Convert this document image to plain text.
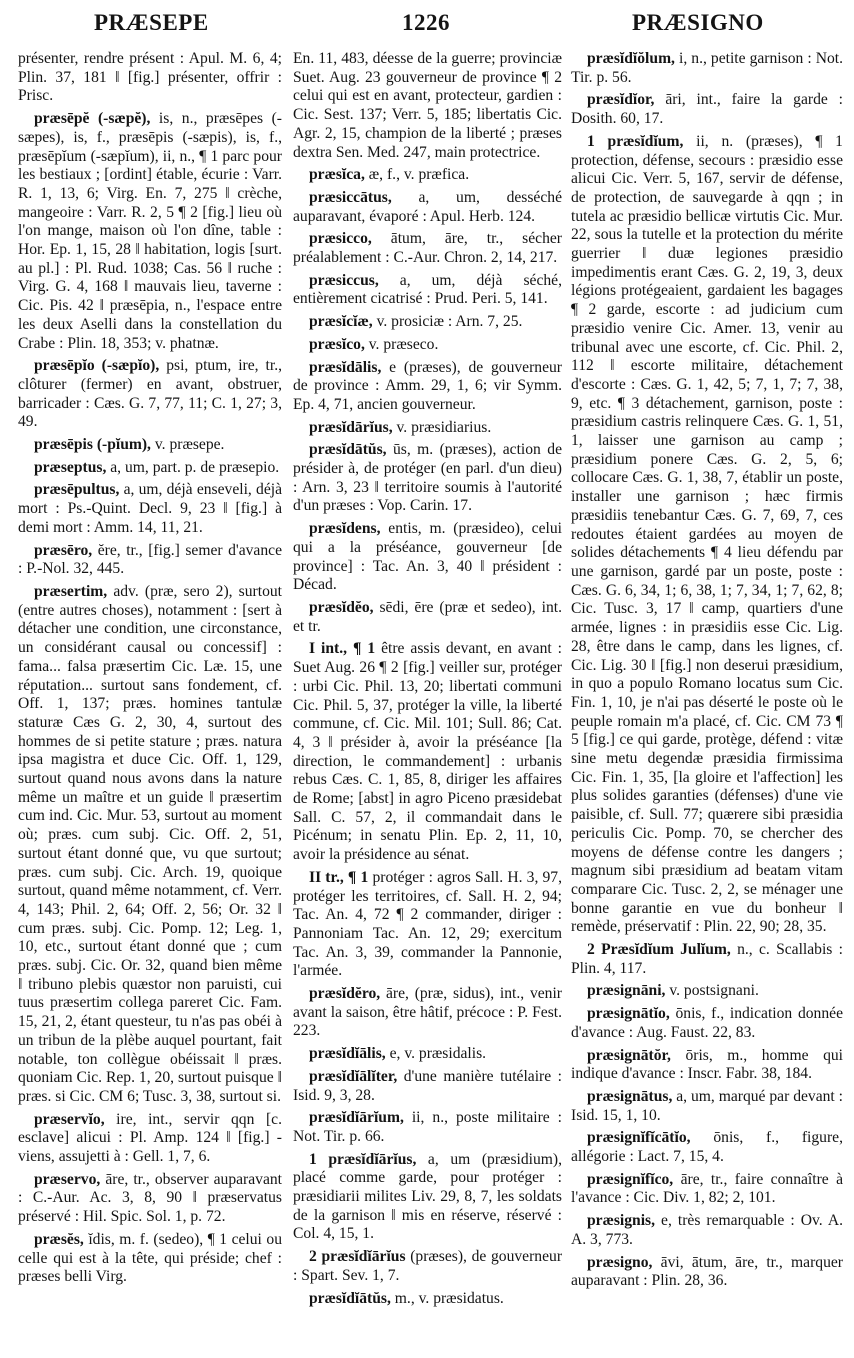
PRÆSEPE	1226	PRÆSIGNO

présenter, rendre présent : Apul. M. 6, 4; Plin. 37, 181 ‖ [fig.] présenter, offrir : Prisc.

præsēpĕ (-sæpĕ), is, n., præsēpes (-sæpes), is, f., præsēpis (-sæpis), is, f., præsēpĭum (-sæpĭum), ii, n., ¶ 1 parc pour les bestiaux ; [ordint] étable, écurie : Varr. R. 1, 13, 6; Virg. En. 7, 275 ‖ crèche, mangeoire : Varr. R. 2, 5 ¶ 2 [fig.] lieu où l'on mange, maison où l'on dîne, table : Hor. Ep. 1, 15, 28 ‖ habitation, logis [surt. au pl.] : Pl. Rud. 1038; Cas. 56 ‖ ruche : Virg. G. 4, 168 ‖ mauvais lieu, taverne : Cic. Pis. 42 ‖ præsēpia, n., l'espace entre les deux Aselli dans la constellation du Crabe : Plin. 18, 353; v. phatnæ.

præsēpĭo (-sæpĭo), psi, ptum, ire, tr., clôturer (fermer) en avant, obstruer, barricader : Cæs. G. 7, 77, 11; C. 1, 27; 3, 49.

præsēpis (-pĭum), v. præsepe.

præseptus, a, um, part. p. de præsepio.

præsēpultus, a, um, déjà enseveli, déjà mort : Ps.-Quint. Decl. 9, 23 ‖ [fig.] à demi mort : Amm. 14, 11, 21.

præsēro, ĕre, tr., [fig.] semer d'avance : P.-Nol. 32, 445.

præsertim, adv. (præ, sero 2), surtout (entre autres choses), notamment : [sert à détacher une condition, une circonstance, un considérant causal ou concessif] : fama... falsa præsertim Cic. Læ. 15, une réputation... surtout sans fondement, cf. Off. 1, 137; præs. homines tantulæ staturæ Cæs G. 2, 30, 4, surtout des hommes de si petite stature ; præs. natura ipsa magistra et duce Cic. Off. 1, 129, surtout quand nous avons dans la nature même un maître et un guide ‖ præsertim cum ind. Cic. Mur. 53, surtout au moment où; præs. cum subj. Cic. Off. 2, 51, surtout étant donné que, vu que surtout; præs. cum subj. Cic. Arch. 19, quoique surtout, quand même notamment, cf. Verr. 4, 143; Phil. 2, 64; Off. 2, 56; Or. 32 ‖ cum præs. subj. Cic. Pomp. 12; Leg. 1, 10, etc., surtout étant donné que ; cum præs. subj. Cic. Or. 32, quand bien même ‖ tribuno plebis quæstor non paruisti, cui tuus præsertim collega pareret Cic. Fam. 15, 21, 2, étant questeur, tu n'as pas obéi à un tribun de la plèbe auquel pourtant, fait notable, ton collègue obéissait ‖ præs. quoniam Cic. Rep. 1, 20, surtout puisque ‖ præs. si Cic. CM 6; Tusc. 3, 38, surtout si.

præservĭo, ire, int., servir qqn [c. esclave] alicui : Pl. Amp. 124 ‖ [fig.] -viens, assujetti à : Gell. 1, 7, 6.

præservo, āre, tr., observer auparavant : C.-Aur. Ac. 3, 8, 90 ‖ præservatus préservé : Hil. Spic. Sol. 1, p. 72.

præsĕs, ĭdis, m. f. (sedeo), ¶ 1 celui ou celle qui est à la tête, qui préside; chef : præses belli Virg.

En. 11, 483, déesse de la guerre; provinciæ Suet. Aug. 23 gouverneur de province ¶ 2 celui qui est en avant, protecteur, gardien : Cic. Sest. 137; Verr. 5, 185; libertatis Cic. Agr. 2, 15, champion de la liberté ; præses dextra Sen. Med. 247, main protectrice.

præsĭca, æ, f., v. præfica.

præsiccātus, a, um, desséché auparavant, évaporé : Apul. Herb. 124.

præsicco, ātum, āre, tr., sécher préalablement : C.-Aur. Chron. 2, 14, 217.

præsiccus, a, um, déjà séché, entièrement cicatrisé : Prud. Peri. 5, 141.

præsĭcĭæ, v. prosiciæ : Arn. 7, 25.

præsĭco, v. præseco.

præsĭdālis, e (præses), de gouverneur de province : Amm. 29, 1, 6; vir Symm. Ep. 4, 71, ancien gouverneur.

præsĭdārĭus, v. præsidiarius.

præsĭdātŭs, ūs, m. (præses), action de présider à, de protéger (en parl. d'un dieu) : Arn. 3, 23 ‖ territoire soumis à l'autorité d'un præses : Vop. Carin. 17.

præsĭdens, entis, m. (præsideo), celui qui a la préséance, gouverneur [de province] : Tac. An. 3, 40 ‖ président : Décad.

præsĭdĕo, sēdi, ēre (præ et sedeo), int. et tr.

I int., ¶ 1 être assis devant, en avant : Suet Aug. 26 ¶ 2 [fig.] veiller sur, protéger : urbi Cic. Phil. 13, 20; libertati communi Cic. Phil. 5, 37, protéger la ville, la liberté commune, cf. Cic. Mil. 101; Sull. 86; Cat. 4, 3 ‖ présider à, avoir la préséance [la direction, le commandement] : urbanis rebus Cæs. C. 1, 85, 8, diriger les affaires de Rome; [abst] in agro Piceno præsidebat Sall. C. 57, 2, il commandait dans le Picénum; in senatu Plin. Ep. 2, 11, 10, avoir la présidence au sénat.

II tr., ¶ 1 protéger : agros Sall. H. 3, 97, protéger les territoires, cf. Sall. H. 2, 94; Tac. An. 4, 72 ¶ 2 commander, diriger : Pannoniam Tac. An. 12, 29; exercitum Tac. An. 3, 39, commander la Pannonie, l'armée.

præsĭdĕro, āre, (præ, sidus), int., venir avant la saison, être hâtif, précoce : P. Fest. 223.

præsĭdĭālis, e, v. præsidalis.

præsĭdĭālĭter, d'une manière tutélaire : Isid. 9, 3, 28.

præsĭdĭārĭum, ii, n., poste militaire : Not. Tir. p. 66.

1 præsĭdĭārĭus, a, um (præsidium), placé comme garde, pour protéger : præsidiarii milites Liv. 29, 8, 7, les soldats de la garnison ‖ mis en réserve, réservé : Col. 4, 15, 1.

2 præsĭdĭārĭus (præses), de gouverneur : Spart. Sev. 1, 7.

præsĭdĭātŭs, m., v. præsidatus.

præsĭdĭŏlum, i, n., petite garnison : Not. Tir. p. 56.

præsĭdĭor, āri, int., faire la garde : Dosith. 60, 17.

1 præsĭdĭum, ii, n. (præses), ¶ 1 protection, défense, secours : præsidio esse alicui Cic. Verr. 5, 167, servir de défense, de protection, de sauvegarde à qqn ; in tutela ac præsidio bellicæ virtutis Cic. Mur. 22, sous la tutelle et la protection du mérite guerrier ‖ duæ legiones præsidio impedimentis erant Cæs. G. 2, 19, 3, deux légions protégeaient, gardaient les bagages ¶ 2 garde, escorte : ad judicium cum præsidio venire Cic. Amer. 13, venir au tribunal avec une escorte, cf. Cic. Phil. 2, 112 ‖ escorte militaire, détachement d'escorte : Cæs. G. 1, 42, 5; 7, 1, 7; 7, 38, 9, etc. ¶ 3 détachement, garnison, poste : præsidium castris relinquere Cæs. G. 1, 51, 1, laisser une garnison au camp ; præsidium ponere Cæs. G. 2, 5, 6; collocare Cæs. G. 1, 38, 7, établir un poste, installer une garnison ; hæc firmis præsidiis tenebantur Cæs. G. 7, 69, 7, ces redoutes étaient gardées au moyen de solides détachements ¶ 4 lieu défendu par une garnison, gardé par un poste, poste : Cæs. G. 6, 34, 1; 6, 38, 1; 7, 34, 1; 7, 62, 8; Cic. Tusc. 3, 17 ‖ camp, quartiers d'une armée, lignes : in præsidiis esse Cic. Lig. 28, être dans le camp, dans les lignes, cf. Cic. Lig. 30 ‖ [fig.] non deserui præsidium, in quo a populo Romano locatus sum Cic. Fin. 1, 10, je n'ai pas déserté le poste où le peuple romain m'a placé, cf. Cic. CM 73 ¶ 5 [fig.] ce qui garde, protège, défend : vitæ sine metu degendæ præsidia firmissima Cic. Fin. 1, 35, [la gloire et l'affection] les plus solides garanties (défenses) d'une vie paisible, cf. Sull. 77; quærere sibi præsidia periculis Cic. Pomp. 70, se chercher des moyens de défense contre les dangers ; magnum sibi præsidium ad beatam vitam comparare Cic. Tusc. 2, 2, se ménager une bonne garantie en vue du bonheur ‖ remède, préservatif : Plin. 22, 90; 28, 35.

2 Præsĭdĭum Julĭum, n., c. Scallabis : Plin. 4, 117.

præsignāni, v. postsignani.

præsignātĭo, ōnis, f., indication donnée d'avance : Aug. Faust. 22, 83.

præsignātŏr, ōris, m., homme qui indique d'avance : Inscr. Fabr. 38, 184.

præsignātus, a, um, marqué par devant : Isid. 15, 1, 10.

præsignĭfĭcātĭo, ōnis, f., figure, allégorie : Lact. 7, 15, 4.

præsignĭfĭco, āre, tr., faire connaître à l'avance : Cic. Div. 1, 82; 2, 101.

præsignis, e, très remarquable : Ov. A. A. 3, 773.

præsigno, āvi, ātum, āre, tr., marquer auparavant : Plin. 28, 36.
